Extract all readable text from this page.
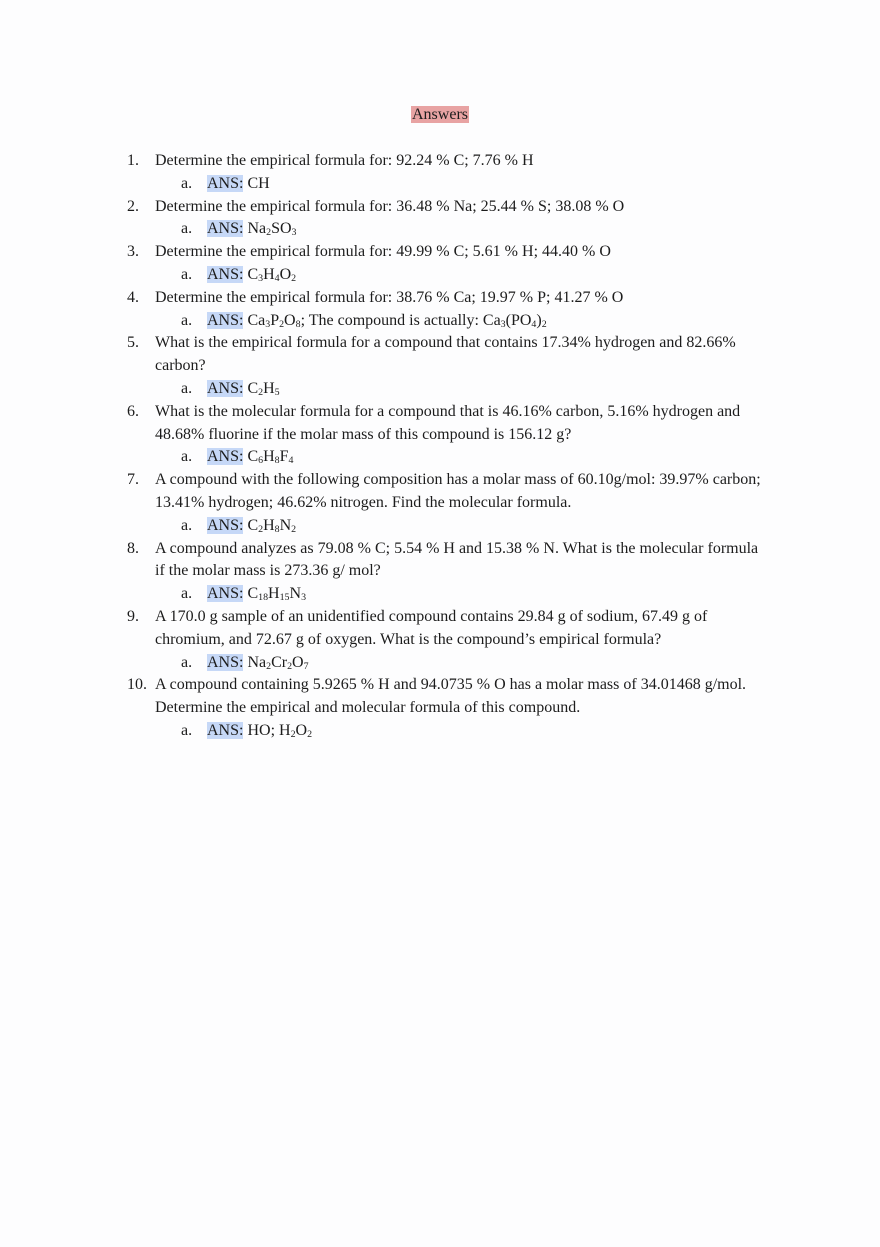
Answers
1.	Determine the empirical formula for: 92.24 % C; 7.76 % H
a. ANS: CH
2.	Determine the empirical formula for: 36.48 % Na; 25.44 % S; 38.08 % O
a. ANS: $Na_2SO_3$
3.	Determine the empirical formula for: 49.99 % C; 5.61 % H; 44.40 % O
a. ANS: $C_3H_4O_2$
4.	Determine the empirical formula for: 38.76 % Ca; 19.97 % P; 41.27 % O
a. ANS: $Ca_3P_2O_8$; The compound is actually: $Ca_3(PO_4)_2$
5.	What is the empirical formula for a compound that contains 17.34% hydrogen and 82.66% carbon?
a. ANS: $C_2H_5$
6.	What is the molecular formula for a compound that is 46.16% carbon, 5.16% hydrogen and 48.68% fluorine if the molar mass of this compound is 156.12 g?
a. ANS: $C_6H_8F_4$
7.	A compound with the following composition has a molar mass of 60.10g/mol: 39.97% carbon; 13.41% hydrogen; 46.62% nitrogen. Find the molecular formula.
a. ANS: $C_2H_8N_2$
8.	A compound analyzes as 79.08 % C; 5.54 % H and 15.38 % N. What is the molecular formula if the molar mass is 273.36 g/ mol?
a. ANS: $C_{18}H_{15}N_3$
9.	A 170.0 g sample of an unidentified compound contains 29.84 g of sodium, 67.49 g of chromium, and 72.67 g of oxygen. What is the compound’s empirical formula?
a. ANS: $Na_2Cr_2O_7$
10. A compound containing 5.9265 % H and 94.0735 % O has a molar mass of 34.01468 g/mol. Determine the empirical and molecular formula of this compound.
a. ANS: HO; $H_2O_2$
